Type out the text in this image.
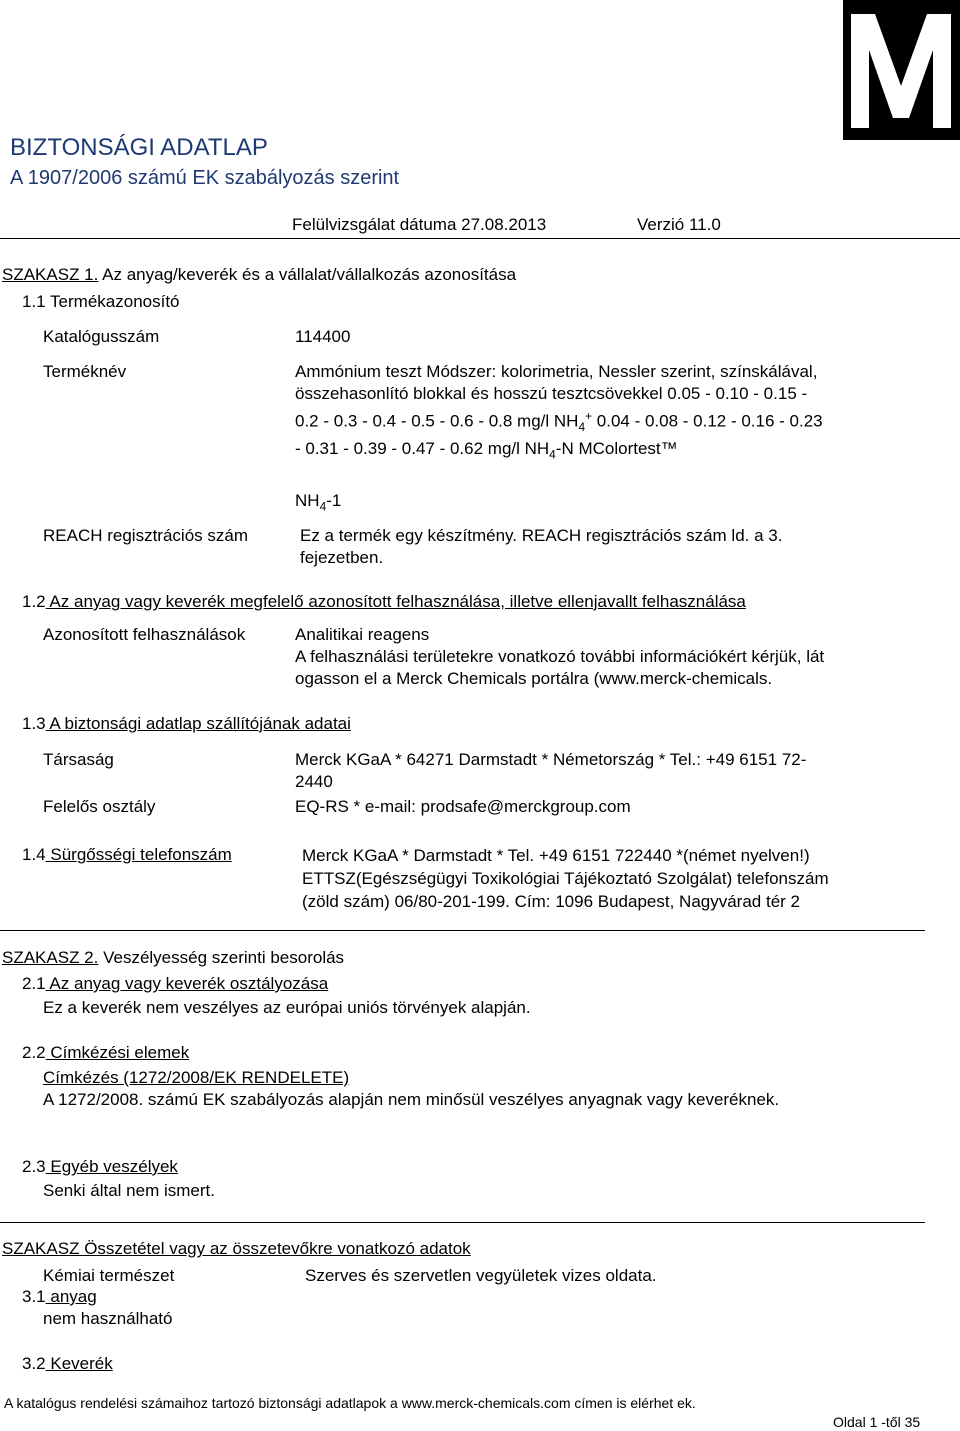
BIZTONSÁGI ADATLAP
A 1907/2006 számú EK szabályozás szerint
Felülvizsgálat dátuma 27.08.2013	Verzió 11.0
SZAKASZ 1. Az anyag/keverék és a vállalat/vállalkozás azonosítása
1.1 Termékazonosító
Katalógusszám	114400
Terméknév	Ammónium teszt Módszer: kolorimetria, Nessler szerint, színskálával,
összehasonlító blokkal és hosszú tesztcsövekkel 0.05 - 0.10 - 0.15 -
0.2 - 0.3 - 0.4 - 0.5 - 0.6 - 0.8 mg/l $NH_4^+$ 0.04 - 0.08 - 0.12 - 0.16 - 0.23
- 0.31 - 0.39 - 0.47 - 0.62 mg/l $NH_4-N$ MColortest™
$NH_4-1$
REACH regisztrációs szám	Ez a termék egy készítmény. REACH regisztrációs szám ld. a 3.
fejezetben.
1.2 Az anyag vagy keverék megfelelő azonosított felhasználása, illetve ellenjavallt felhasználása
Azonosított felhasználások	Analitikai reagens
A felhasználási területekre vonatkozó további információkért kérjük, lát
ogasson el a Merck Chemicals portálra (www.merck-chemicals.
1.3 A biztonsági adatlap szállítójának adatai
Társaság	Merck KGaA * 64271 Darmstadt * Németország * Tel.: +49 6151 72-
2440
Felelős osztály	EQ-RS * e-mail: prodsafe@merckgroup.com
1.4 Sürgősségi telefonszám	Merck KGaA * Darmstadt * Tel. +49 6151 722440 *(német nyelven!)
ETTSZ(Egészségügyi Toxikológiai Tájékoztató Szolgálat) telefonszám
(zöld szám) 06/80-201-199. Cím: 1096 Budapest, Nagyvárad tér 2
SZAKASZ 2. Veszélyesség szerinti besorolás
2.1 Az anyag vagy keverék osztályozása
Ez a keverék nem veszélyes az európai uniós törvények alapján.
2.2 Címkézési elemek
Címkézés (1272/2008/EK RENDELETE)
A 1272/2008. számú EK szabályozás alapján nem minősül veszélyes anyagnak vagy keveréknek.
2.3 Egyéb veszélyek
Senki által nem ismert.
SZAKASZ Összetétel vagy az összetevőkre vonatkozó adatok
Kémiai természet	Szerves és szervetlen vegyületek vizes oldata.
3.1 anyag
nem használható
3.2 Keverék
A katalógus rendelési számaihoz tartozó biztonsági adatlapok a www.merck-chemicals.com címen is elérhet ek.
Oldal 1 -től 35
